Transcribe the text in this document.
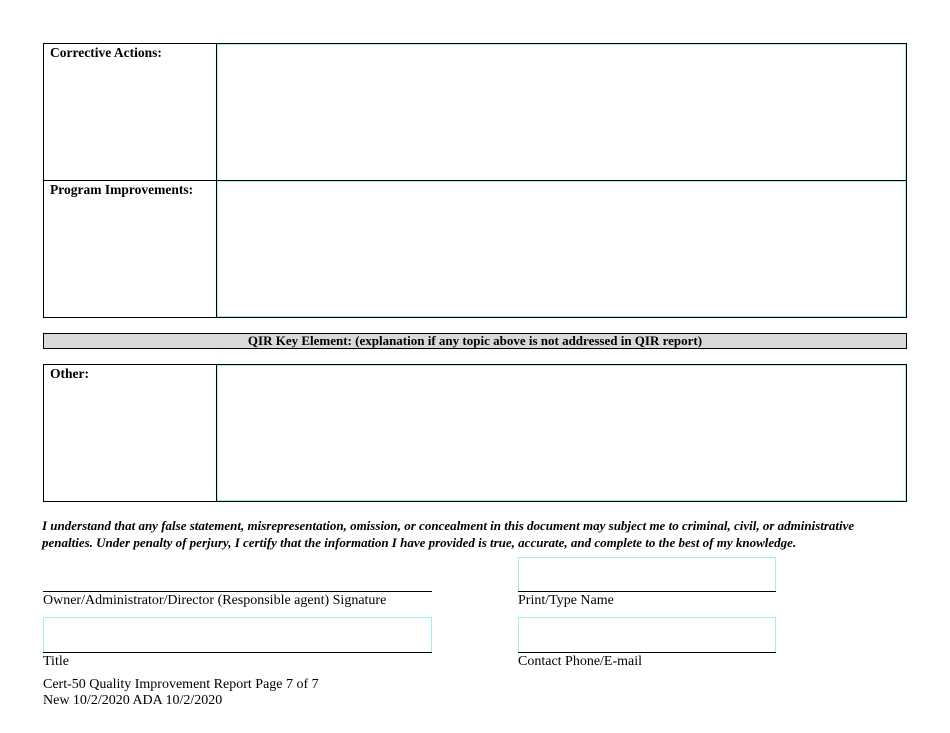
Corrective Actions:
Program Improvements:
QIR Key Element: (explanation if any topic above is not addressed in QIR report)
Other:
I understand that any false statement, misrepresentation, omission, or concealment in this document may subject me to criminal, civil, or administrative penalties. Under penalty of perjury, I certify that the information I have provided is true, accurate, and complete to the best of my knowledge.
Owner/Administrator/Director (Responsible agent) Signature	Print/Type Name
Title	Contact Phone/E-mail
Cert-50 Quality Improvement Report Page 7 of 7
New 10/2/2020 ADA 10/2/2020
